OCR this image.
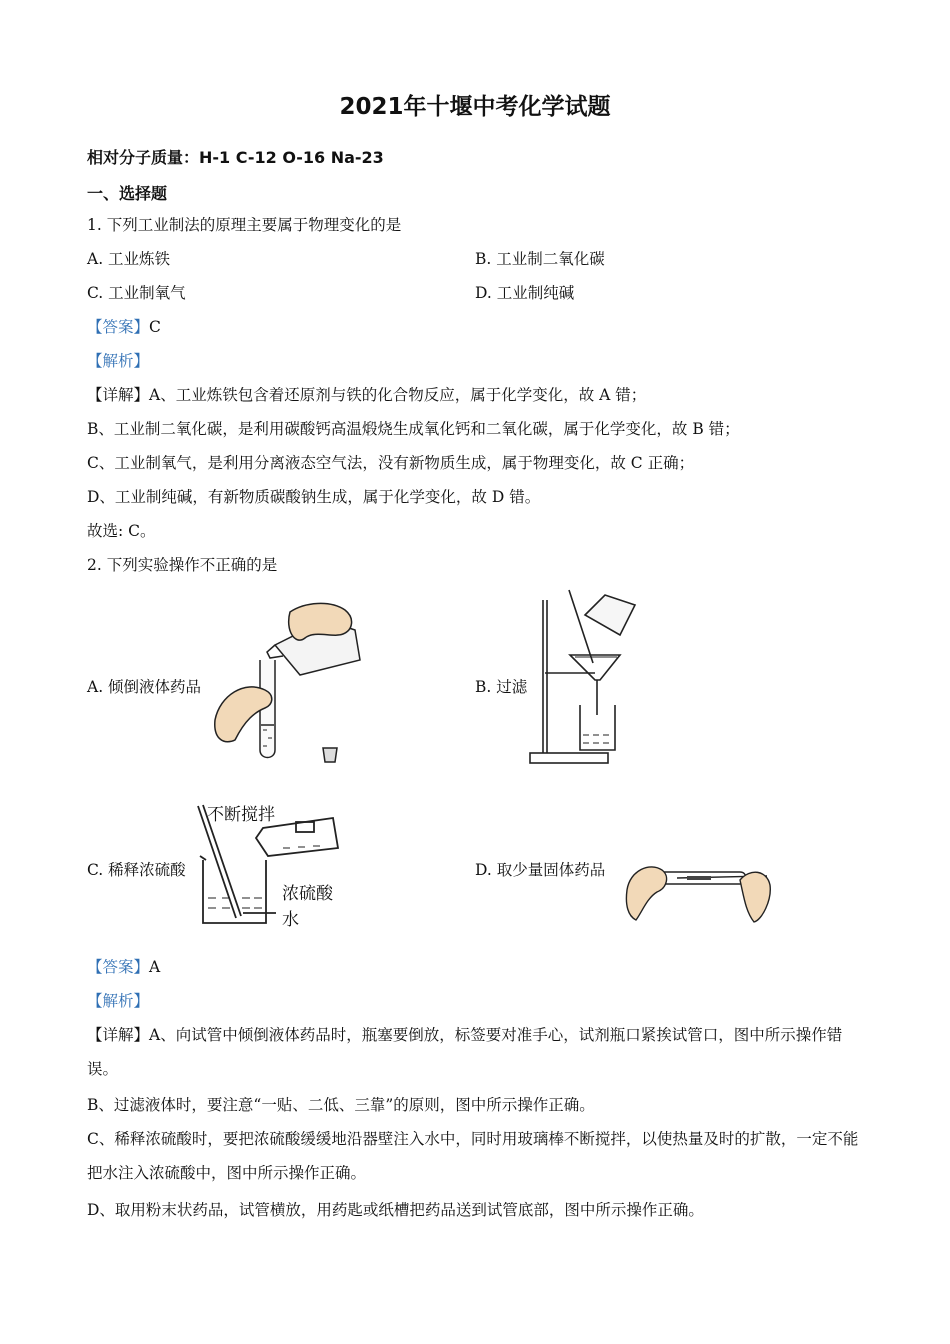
2021年十堰中考化学试题
相对分子质量：H-1 C-12 O-16 Na-23
一、选择题
1. 下列工业制法的原理主要属于物理变化的是
A. 工业炼铁	B. 工业制二氧化碳
C. 工业制氧气	D. 工业制纯碱
【答案】C
【解析】
【详解】A、工业炼铁包含着还原剂与铁的化合物反应，属于化学变化，故 A 错；
B、工业制二氧化碳，是利用碳酸钙高温煅烧生成氧化钙和二氧化碳，属于化学变化，故 B 错；
C、工业制氧气，是利用分离液态空气法，没有新物质生成，属于物理变化，故 C 正确；
D、工业制纯碱，有新物质碳酸钠生成，属于化学变化，故 D 错。
故选: C。
2. 下列实验操作不正确的是
A. 倾倒液体药品	B. 过滤
C. 稀释浓硫酸	D. 取少量固体药品
不断搅拌
浓硫酸
水
【答案】A
【解析】
【详解】A、向试管中倾倒液体药品时，瓶塞要倒放，标签要对准手心，试剂瓶口紧挨试管口，图中所示操作错误。
B、过滤液体时，要注意“一贴、二低、三靠”的原则，图中所示操作正确。
C、稀释浓硫酸时，要把浓硫酸缓缓地沿器壁注入水中，同时用玻璃棒不断搅拌，以使热量及时的扩散，一定不能把水注入浓硫酸中，图中所示操作正确。
D、取用粉末状药品，试管横放，用药匙或纸槽把药品送到试管底部，图中所示操作正确。
